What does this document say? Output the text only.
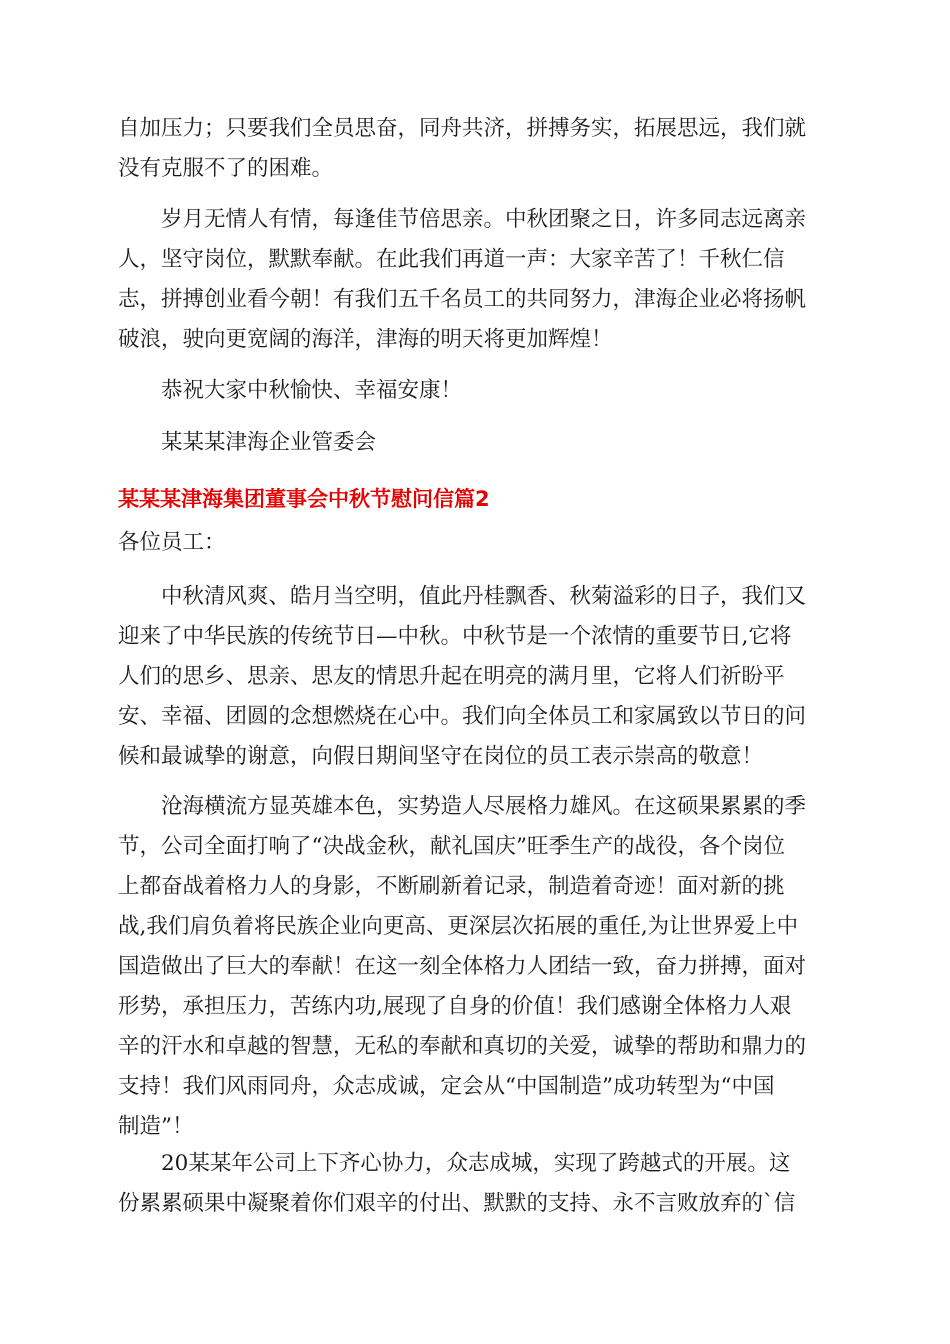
自加压力；只要我们全员思奋，同舟共济，拼搏务实，拓展思远，我们就
没有克服不了的困难。

　　岁月无情人有情，每逢佳节倍思亲。中秋团聚之日，许多同志远离亲
人，坚守岗位，默默奉献。在此我们再道一声：大家辛苦了！千秋仁信
志，拼搏创业看今朝！有我们五千名员工的共同努力，津海企业必将扬帆
破浪，驶向更宽阔的海洋，津海的明天将更加辉煌！

　　恭祝大家中秋愉快、幸福安康！

　　某某某津海企业管委会

某某某津海集团董事会中秋节慰问信篇2

各位员工：

　　中秋清风爽、皓月当空明，值此丹桂飘香、秋菊溢彩的日子，我们又
迎来了中华民族的传统节日—中秋。中秋节是一个浓情的重要节日,它将
人们的思乡、思亲、思友的情思升起在明亮的满月里，它将人们祈盼平
安、幸福、团圆的念想燃烧在心中。我们向全体员工和家属致以节日的问
候和最诚挚的谢意，向假日期间坚守在岗位的员工表示崇高的敬意！

　　沧海横流方显英雄本色，实势造人尽展格力雄风。在这硕果累累的季
节，公司全面打响了“决战金秋，献礼国庆”旺季生产的战役，各个岗位
上都奋战着格力人的身影，不断刷新着记录，制造着奇迹！面对新的挑
战,我们肩负着将民族企业向更高、更深层次拓展的重任,为让世界爱上中
国造做出了巨大的奉献！在这一刻全体格力人团结一致，奋力拼搏，面对
形势，承担压力，苦练内功,展现了自身的价值！我们感谢全体格力人艰
辛的汗水和卓越的智慧，无私的奉献和真切的关爱，诚挚的帮助和鼎力的
支持！我们风雨同舟，众志成诚，定会从“中国制造”成功转型为“中国
制造”！

　　20某某年公司上下齐心协力，众志成城，实现了跨越式的开展。这
份累累硕果中凝聚着你们艰辛的付出、默默的支持、永不言败放弃的`信
